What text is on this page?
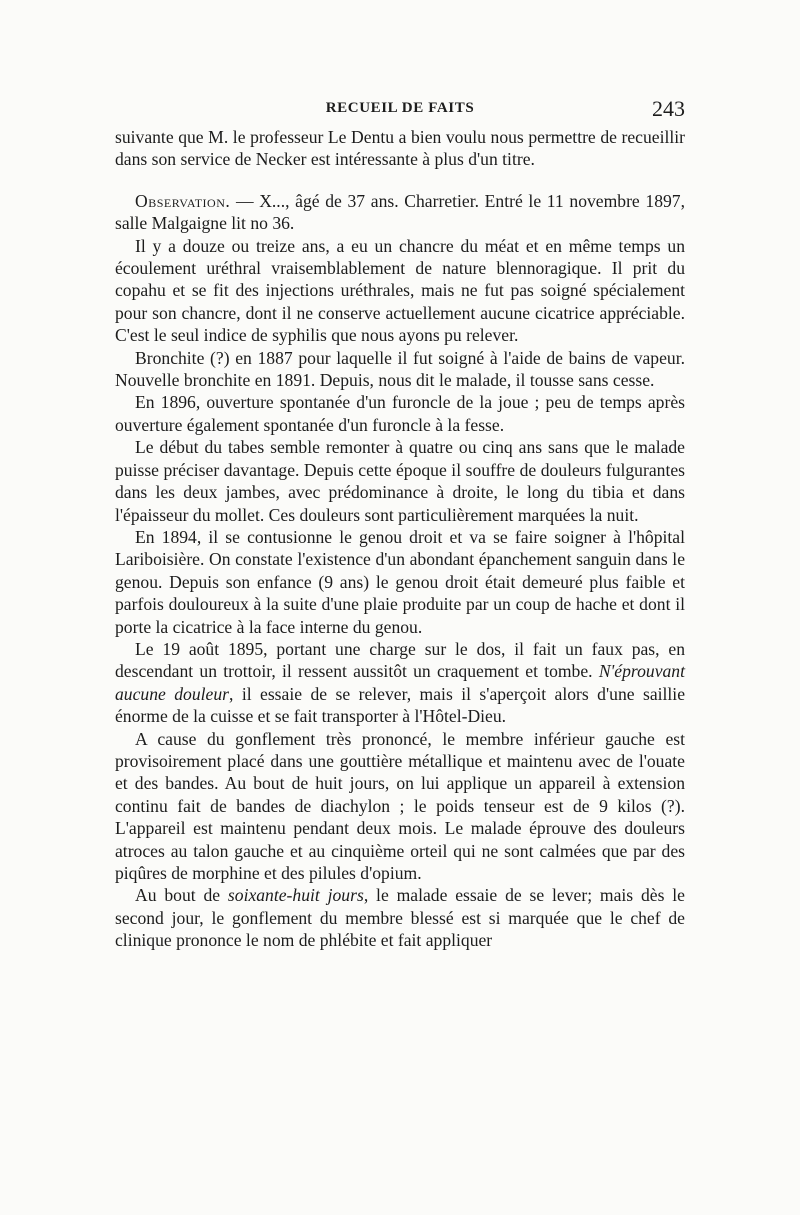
RECUEIL DE FAITS	243

suivante que M. le professeur Le Dentu a bien voulu nous permettre de recueillir dans son service de Necker est intéressante à plus d'un titre.

Observation. — X..., âgé de 37 ans. Charretier. Entré le 11 novembre 1897, salle Malgaigne lit no 36.

Il y a douze ou treize ans, a eu un chancre du méat et en même temps un écoulement uréthral vraisemblablement de nature blennoragique. Il prit du copahu et se fit des injections uréthrales, mais ne fut pas soigné spécialement pour son chancre, dont il ne conserve actuellement aucune cicatrice appréciable. C'est le seul indice de syphilis que nous ayons pu relever.

Bronchite (?) en 1887 pour laquelle il fut soigné à l'aide de bains de vapeur. Nouvelle bronchite en 1891. Depuis, nous dit le malade, il tousse sans cesse.

En 1896, ouverture spontanée d'un furoncle de la joue ; peu de temps après ouverture également spontanée d'un furoncle à la fesse.

Le début du tabes semble remonter à quatre ou cinq ans sans que le malade puisse préciser davantage. Depuis cette époque il souffre de douleurs fulgurantes dans les deux jambes, avec prédominance à droite, le long du tibia et dans l'épaisseur du mollet. Ces douleurs sont particulièrement marquées la nuit.

En 1894, il se contusionne le genou droit et va se faire soigner à l'hôpital Lariboisière. On constate l'existence d'un abondant épanchement sanguin dans le genou. Depuis son enfance (9 ans) le genou droit était demeuré plus faible et parfois douloureux à la suite d'une plaie produite par un coup de hache et dont il porte la cicatrice à la face interne du genou.

Le 19 août 1895, portant une charge sur le dos, il fait un faux pas, en descendant un trottoir, il ressent aussitôt un craquement et tombe. N'éprouvant aucune douleur, il essaie de se relever, mais il s'aperçoit alors d'une saillie énorme de la cuisse et se fait transporter à l'Hôtel-Dieu.

A cause du gonflement très prononcé, le membre inférieur gauche est provisoirement placé dans une gouttière métallique et maintenu avec de l'ouate et des bandes. Au bout de huit jours, on lui applique un appareil à extension continu fait de bandes de diachylon ; le poids tenseur est de 9 kilos (?). L'appareil est maintenu pendant deux mois. Le malade éprouve des douleurs atroces au talon gauche et au cinquième orteil qui ne sont calmées que par des piqûres de morphine et des pilules d'opium.

Au bout de soixante-huit jours, le malade essaie de se lever; mais dès le second jour, le gonflement du membre blessé est si marquée que le chef de clinique prononce le nom de phlébite et fait appliquer
